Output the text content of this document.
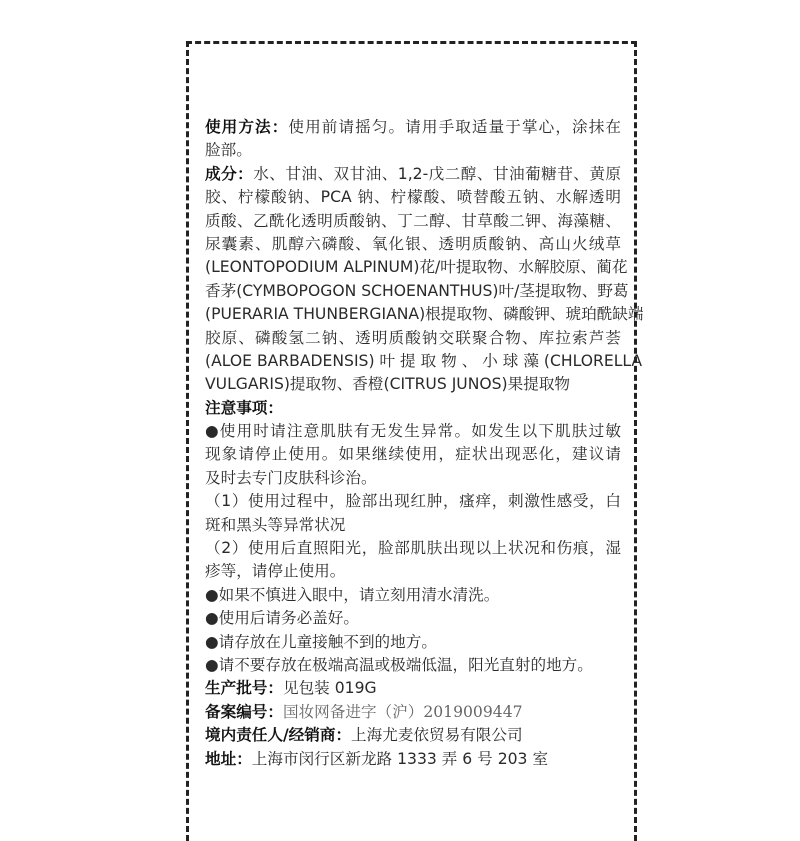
使用方法：使用前请摇匀。请用手取适量于掌心，涂抹在
脸部。
成分：水、甘油、双甘油、1,2-戊二醇、甘油葡糖苷、黄原
胶、柠檬酸钠、PCA 钠、柠檬酸、喷替酸五钠、水解透明
质酸、乙酰化透明质酸钠、丁二醇、甘草酸二钾、海藻糖、
尿囊素、肌醇六磷酸、氧化银、透明质酸钠、高山火绒草
(LEONTOPODIUM ALPINUM)花/叶提取物、水解胶原、蔺花
香茅(CYMBOPOGON SCHOENANTHUS)叶/茎提取物、野葛
(PUERARIA THUNBERGIANA)根提取物、磷酸钾、琥珀酰缺端
胶原、磷酸氢二钠、透明质酸钠交联聚合物、库拉索芦荟
(ALOE BARBADENSIS) 叶 提 取 物 、 小 球 藻 (CHLORELLA
VULGARIS)提取物、香橙(CITRUS JUNOS)果提取物
注意事项：
●使用时请注意肌肤有无发生异常。如发生以下肌肤过敏
现象请停止使用。如果继续使用，症状出现恶化，建议请
及时去专门皮肤科诊治。
（1）使用过程中，脸部出现红肿，瘙痒，刺激性感受，白
斑和黑头等异常状况
（2）使用后直照阳光，脸部肌肤出现以上状况和伤痕，湿
疹等，请停止使用。
●如果不慎进入眼中，请立刻用清水清洗。
●使用后请务必盖好。
●请存放在儿童接触不到的地方。
●请不要存放在极端高温或极端低温，阳光直射的地方。
生产批号：见包装 019G
备案编号：国妆网备进字（沪）2019009447
境内责任人/经销商：上海尤麦依贸易有限公司
地址：上海市闵行区新龙路 1333 弄 6 号 203 室
